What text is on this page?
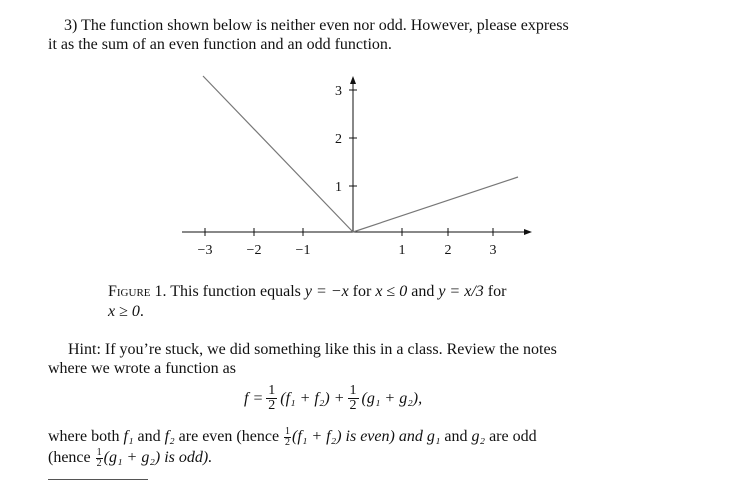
3) The function shown below is neither even nor odd. However, please express
it as the sum of an even function and an odd function.
−3 −2 −1	1	2	3
1
2
3
Figure 1. This function equals y = −x for x ≤ 0 and y = x/3 for
x ≥ 0.
Hint: If you’re stuck, we did something like this in a class. Review the notes
where we wrote a function as
$f = \frac{1}{2} (f_1 + f_2) + \frac{1}{2} (g_1 + g_2)$,
where both f₁ and f₂ are even (hence $\frac{1}{2} (f_1 + f_2)$ is even) and g₁ and g₂ are odd
(hence $\frac{1}{2} (g_1 + g_2)$ is odd).
